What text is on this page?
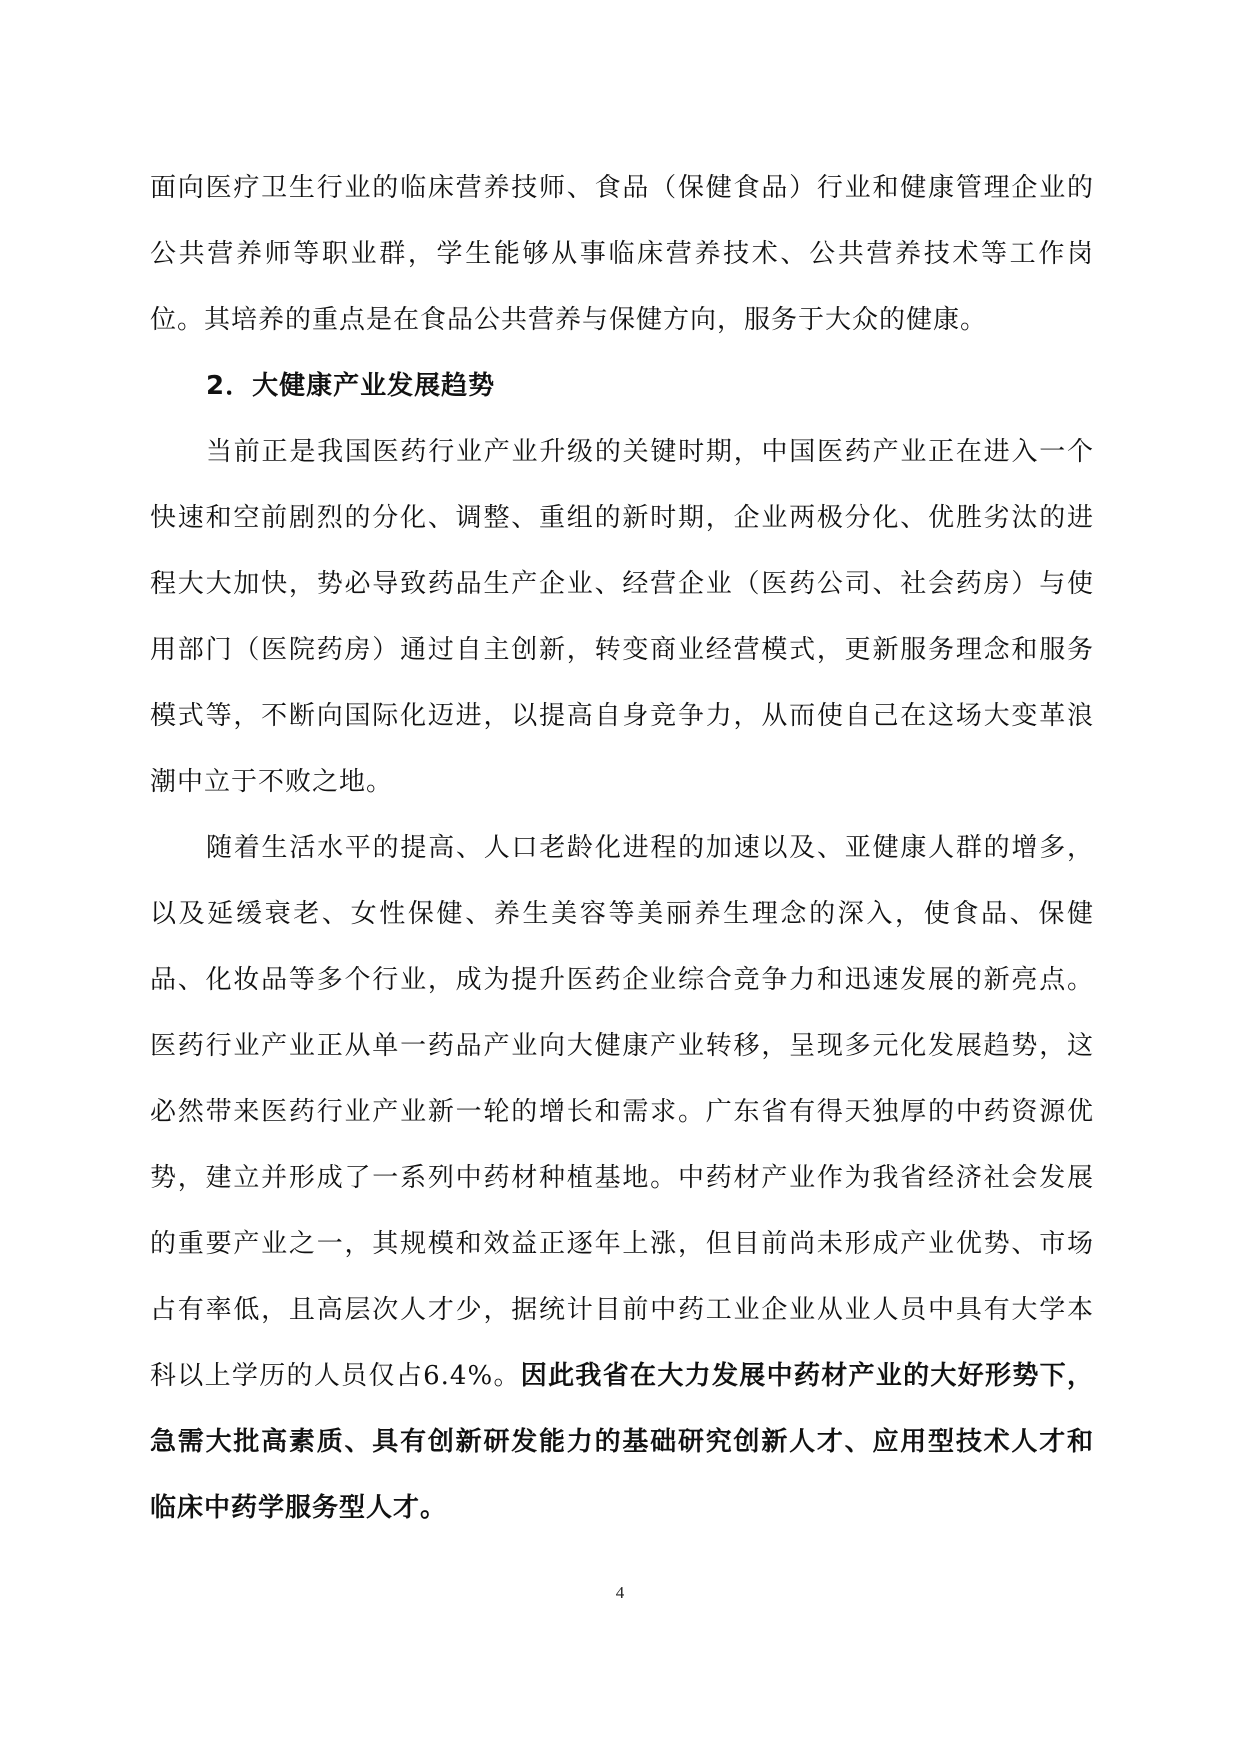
面向医疗卫生行业的临床营养技师、食品（保健食品）行业和健康管理企业的公共营养师等职业群，学生能够从事临床营养技术、公共营养技术等工作岗位。其培养的重点是在食品公共营养与保健方向，服务于大众的健康。

2．大健康产业发展趋势

当前正是我国医药行业产业升级的关键时期，中国医药产业正在进入一个快速和空前剧烈的分化、调整、重组的新时期，企业两极分化、优胜劣汰的进程大大加快，势必导致药品生产企业、经营企业（医药公司、社会药房）与使用部门（医院药房）通过自主创新，转变商业经营模式，更新服务理念和服务模式等，不断向国际化迈进，以提高自身竞争力，从而使自己在这场大变革浪潮中立于不败之地。

随着生活水平的提高、人口老龄化进程的加速以及、亚健康人群的增多， 以及延缓衰老、女性保健、养生美容等美丽养生理念的深入，使食品、保健品、化妆品等多个行业，成为提升医药企业综合竞争力和迅速发展的新亮点。医药行业产业正从单一药品产业向大健康产业转移，呈现多元化发展趋势，这必然带来医药行业产业新一轮的增长和需求。广东省有得天独厚的中药资源优势，建立并形成了一系列中药材种植基地。中药材产业作为我省经济社会发展的重要产业之一，其规模和效益正逐年上涨，但目前尚未形成产业优势、市场占有率低，且高层次人才少，据统计目前中药工业企业从业人员中具有大学本科以上学历的人员仅占6.4%。因此我省在大力发展中药材产业的大好形势下，急需大批高素质、具有创新研发能力的基础研究创新人才、应用型技术人才和临床中药学服务型人才。

4
